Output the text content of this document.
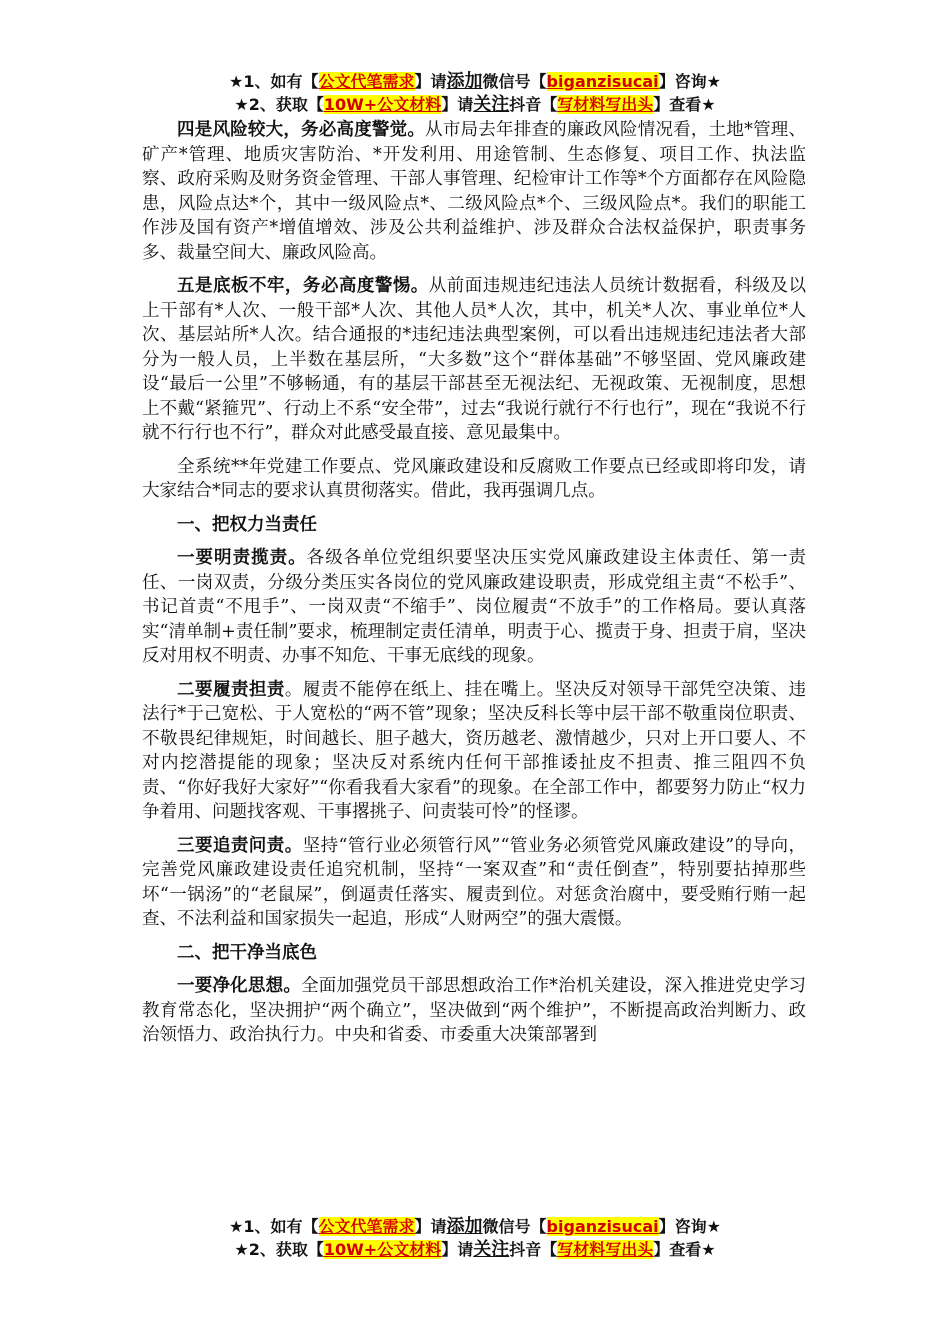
★1、如有【公文代笔需求】请添加微信号【biganzisucai】咨询★
★2、获取【10W+公文材料】请关注抖音【写材料写出头】查看★

四是风险较大，务必高度警觉。从市局去年排查的廉政风险情况看，土地*管理、矿产*管理、地质灾害防治、*开发利用、用途管制、生态修复、项目工作、执法监察、政府采购及财务资金管理、干部人事管理、纪检审计工作等*个方面都存在风险隐患，风险点达*个，其中一级风险点*、二级风险点*个、三级风险点*。我们的职能工作涉及国有资产*增值增效、涉及公共利益维护、涉及群众合法权益保护，职责事务多、裁量空间大、廉政风险高。

五是底板不牢，务必高度警惕。从前面违规违纪违法人员统计数据看，科级及以上干部有*人次、一般干部*人次、其他人员*人次，其中，机关*人次、事业单位*人次、基层站所*人次。结合通报的*违纪违法典型案例，可以看出违规违纪违法者大部分为一般人员，上半数在基层所，“大多数”这个“群体基础”不够坚固、党风廉政建设“最后一公里”不够畅通，有的基层干部甚至无视法纪、无视政策、无视制度，思想上不戴“紧箍咒”、行动上不系“安全带”，过去“我说行就行不行也行”，现在“我说不行就不行行也不行”，群众对此感受最直接、意见最集中。

全系统**年党建工作要点、党风廉政建设和反腐败工作要点已经或即将印发，请大家结合*同志的要求认真贯彻落实。借此，我再强调几点。

一、把权力当责任

一要明责揽责。各级各单位党组织要坚决压实党风廉政建设主体责任、第一责任、一岗双责，分级分类压实各岗位的党风廉政建设职责，形成党组主责“不松手”、书记首责“不甩手”、一岗双责“不缩手”、岗位履责“不放手”的工作格局。要认真落实“清单制+责任制”要求，梳理制定责任清单，明责于心、揽责于身、担责于肩，坚决反对用权不明责、办事不知危、干事无底线的现象。

二要履责担责。履责不能停在纸上、挂在嘴上。坚决反对领导干部凭空决策、违法行*于己宽松、于人宽松的“两不管”现象；坚决反科长等中层干部不敬重岗位职责、不敬畏纪律规矩，时间越长、胆子越大，资历越老、激情越少，只对上开口要人、不对内挖潜提能的现象；坚决反对系统内任何干部推诿扯皮不担责、推三阻四不负责、“你好我好大家好”“你看我看大家看”的现象。在全部工作中，都要努力防止“权力争着用、问题找客观、干事撂挑子、问责装可怜”的怪谬。

三要追责问责。坚持“管行业必须管行风”“管业务必须管党风廉政建设”的导向，完善党风廉政建设责任追究机制，坚持“一案双查”和“责任倒查”，特别要拈掉那些坏“一锅汤”的“老鼠屎”，倒逼责任落实、履责到位。对惩贪治腐中，要受贿行贿一起查、不法利益和国家损失一起追，形成“人财两空”的强大震慑。

二、把干净当底色

一要净化思想。全面加强党员干部思想政治工作*治机关建设，深入推进党史学习教育常态化，坚决拥护“两个确立”，坚决做到“两个维护”，不断提高政治判断力、政治领悟力、政治执行力。中央和省委、市委重大决策部署到

★1、如有【公文代笔需求】请添加微信号【biganzisucai】咨询★
★2、获取【10W+公文材料】请关注抖音【写材料写出头】查看★
